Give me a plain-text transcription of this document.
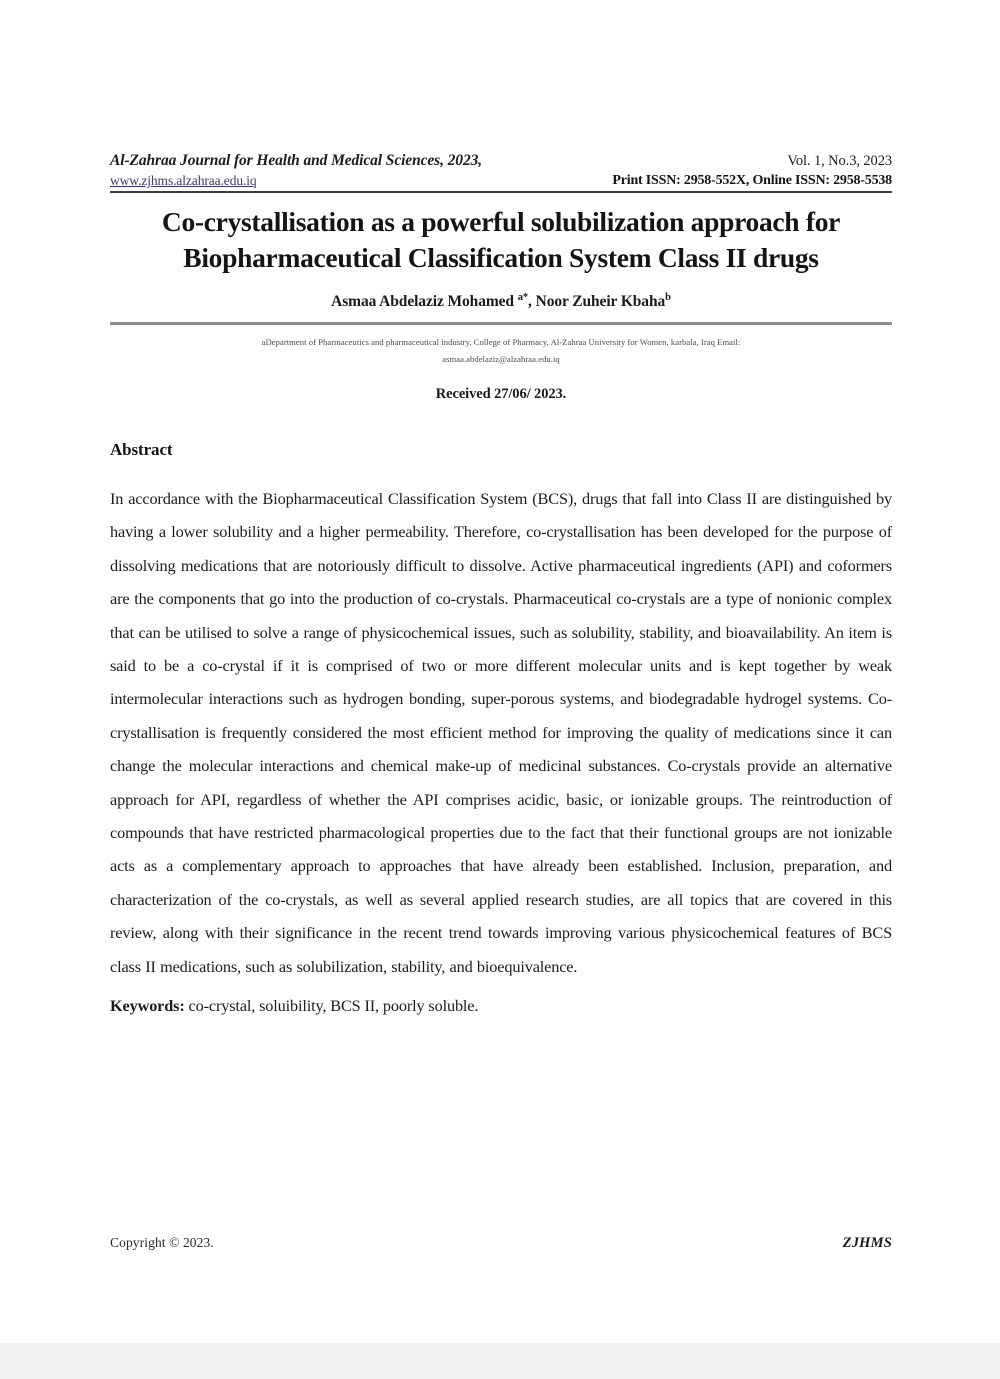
Al-Zahraa Journal for Health and Medical Sciences, 2023,
www.zjhms.alzahraa.edu.iq
Vol. 1, No.3, 2023
Print ISSN: 2958-552X, Online ISSN: 2958-5538
Co-crystallisation as a powerful solubilization approach for
Biopharmaceutical Classification System Class II drugs
Asmaa Abdelaziz Mohamed $^{a*}$, Noor Zuheir Kbaha$^b$
aDepartment of Pharmaceutics and pharmaceutical industry, College of Pharmacy, Al-Zahraa University for Women, karbala, Iraq Email:
asmaa.abdelaziz@alzahraa.edu.iq
Received 27/06/ 2023.
Abstract
In accordance with the Biopharmaceutical Classification System (BCS), drugs that fall into Class II are distinguished by having a lower solubility and a higher permeability. Therefore, co-crystallisation has been developed for the purpose of dissolving medications that are notoriously difficult to dissolve. Active pharmaceutical ingredients (API) and coformers are the components that go into the production of co-crystals. Pharmaceutical co-crystals are a type of nonionic complex that can be utilised to solve a range of physicochemical issues, such as solubility, stability, and bioavailability. An item is said to be a co-crystal if it is comprised of two or more different molecular units and is kept together by weak intermolecular interactions such as hydrogen bonding, super-porous systems, and biodegradable hydrogel systems. Co-crystallisation is frequently considered the most efficient method for improving the quality of medications since it can change the molecular interactions and chemical make-up of medicinal substances. Co-crystals provide an alternative approach for API, regardless of whether the API comprises acidic, basic, or ionizable groups. The reintroduction of compounds that have restricted pharmacological properties due to the fact that their functional groups are not ionizable acts as a complementary approach to approaches that have already been established. Inclusion, preparation, and characterization of the co-crystals, as well as several applied research studies, are all topics that are covered in this review, along with their significance in the recent trend towards improving various physicochemical features of BCS class II medications, such as solubilization, stability, and bioequivalence.
Keywords: co-crystal, soluibility, BCS II, poorly soluble.
Copyright © 2023.	ZJHMS
